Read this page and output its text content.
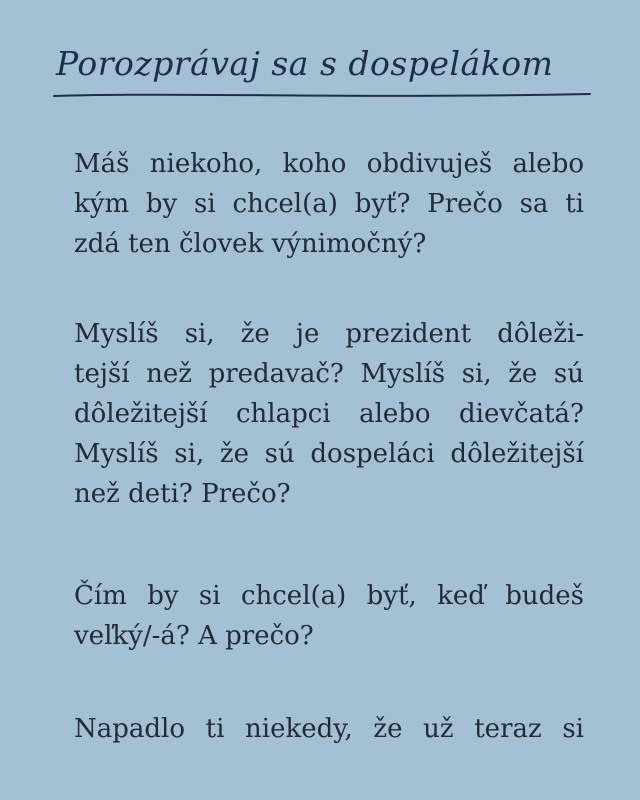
Porozprávaj sa s dospelákom
Máš niekoho, koho obdivuješ alebo
kým by si chcel(a) byť? Prečo sa ti
zdá ten človek výnimočný?
Myslíš si, že je prezident dôleži-
tejší než predavač? Myslíš si, že sú
dôležitejší chlapci alebo dievčatá?
Myslíš si, že sú dospeláci dôležitejší
než deti? Prečo?
Čím by si chcel(a) byť, keď budeš
veľký/-á? A prečo?
Napadlo ti niekedy, že už teraz si
